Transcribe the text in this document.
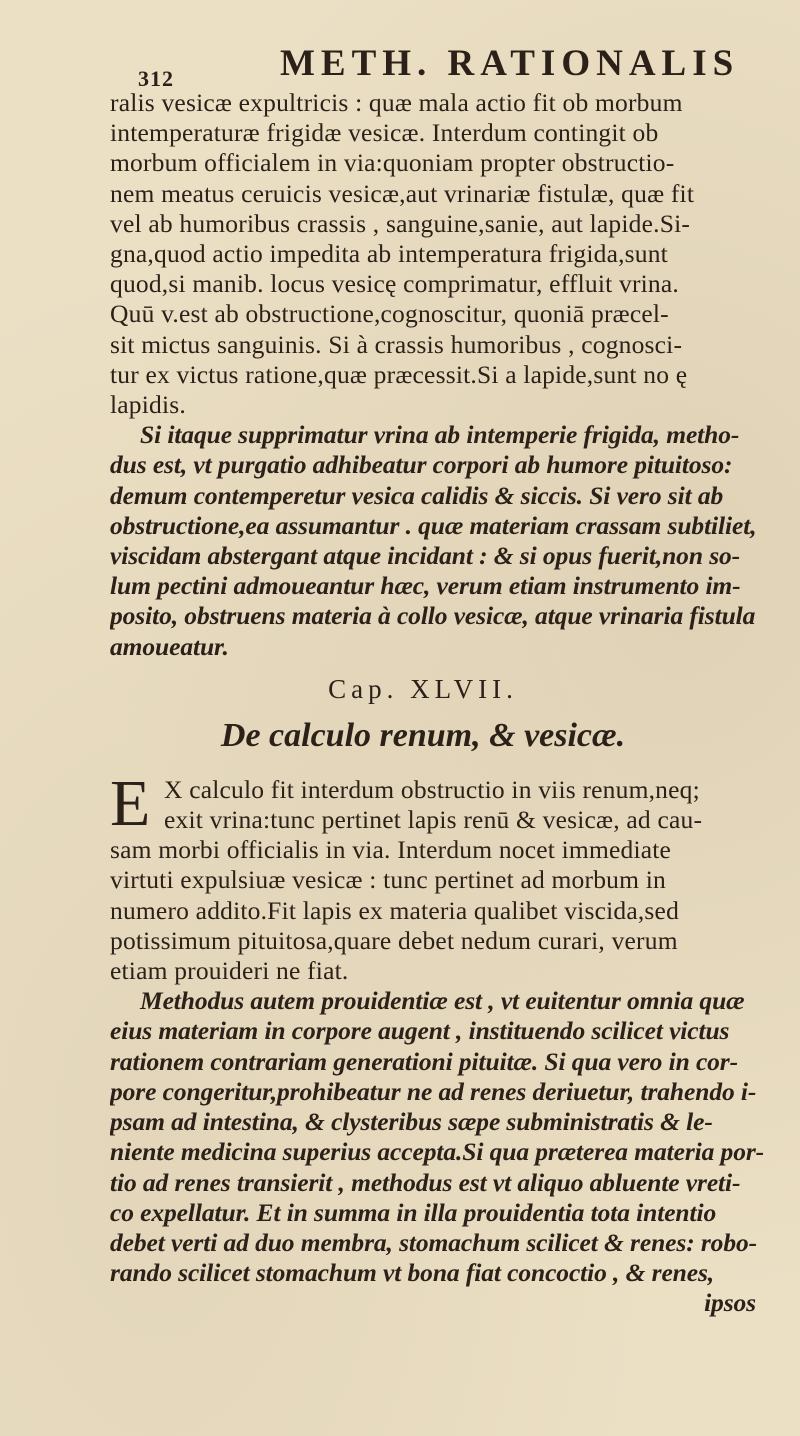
312	METH. RATIONALIS
ralis vesicæ expultricis : quæ mala actio fit ob morbum
intemperaturæ frigidæ vesicæ. Interdum contingit ob
morbum officialem in via:quoniam propter obstructio-
nem meatus ceruicis vesicæ,aut vrinariæ fistulæ, quæ fit
vel ab humoribus crassis , sanguine,sanie, aut lapide.Si-
gna,quod actio impedita ab intemperatura frigida,sunt
quod,si manib. locus vesicę comprimatur, effluit vrina.
Quū v.est ab obstructione,cognoscitur, quoniā præcel-
sit mictus sanguinis. Si à crassis humoribus , cognosci-
tur ex victus ratione,quæ præcessit.Si a lapide,sunt no ę
lapidis.
Si itaque supprimatur vrina ab intemperie frigida, metho-
dus est, vt purgatio adhibeatur corpori ab humore pituitoso:
demum contemperetur vesica calidis & siccis. Si vero sit ab
obstructione,ea assumantur . quæ materiam crassam subtiliet,
viscidam abstergant atque incidant : & si opus fuerit,non so-
lum pectini admoueantur hæc, verum etiam instrumento im-
posito, obstruens materia à collo vesicæ, atque vrinaria fistula
amoueatur.
Cap. XLVII.
De calculo renum, & vesicæ.
E X calculo fit interdum obstructio in viis renum,neq;
exit vrina:tunc pertinet lapis renū & vesicæ, ad cau-
sam morbi officialis in via. Interdum nocet immediate
virtuti expulsiuæ vesicæ : tunc pertinet ad morbum in
numero addito.Fit lapis ex materia qualibet viscida,sed
potissimum pituitosa,quare debet nedum curari, verum
etiam prouideri ne fiat.
Methodus autem prouidentiæ est , vt euitentur omnia quæ
eius materiam in corpore augent , instituendo scilicet victus
rationem contrariam generationi pituitæ. Si qua vero in cor-
pore congeritur,prohibeatur ne ad renes deriuetur, trahendo i-
psam ad intestina, & clysteribus sæpe subministratis & le-
niente medicina superius accepta.Si qua præterea materia por-
tio ad renes transierit , methodus est vt aliquo abluente vreti-
co expellatur. Et in summa in illa prouidentia tota intentio
debet verti ad duo membra, stomachum scilicet & renes: robo-
rando scilicet stomachum vt bona fiat concoctio , & renes,
ipsos
